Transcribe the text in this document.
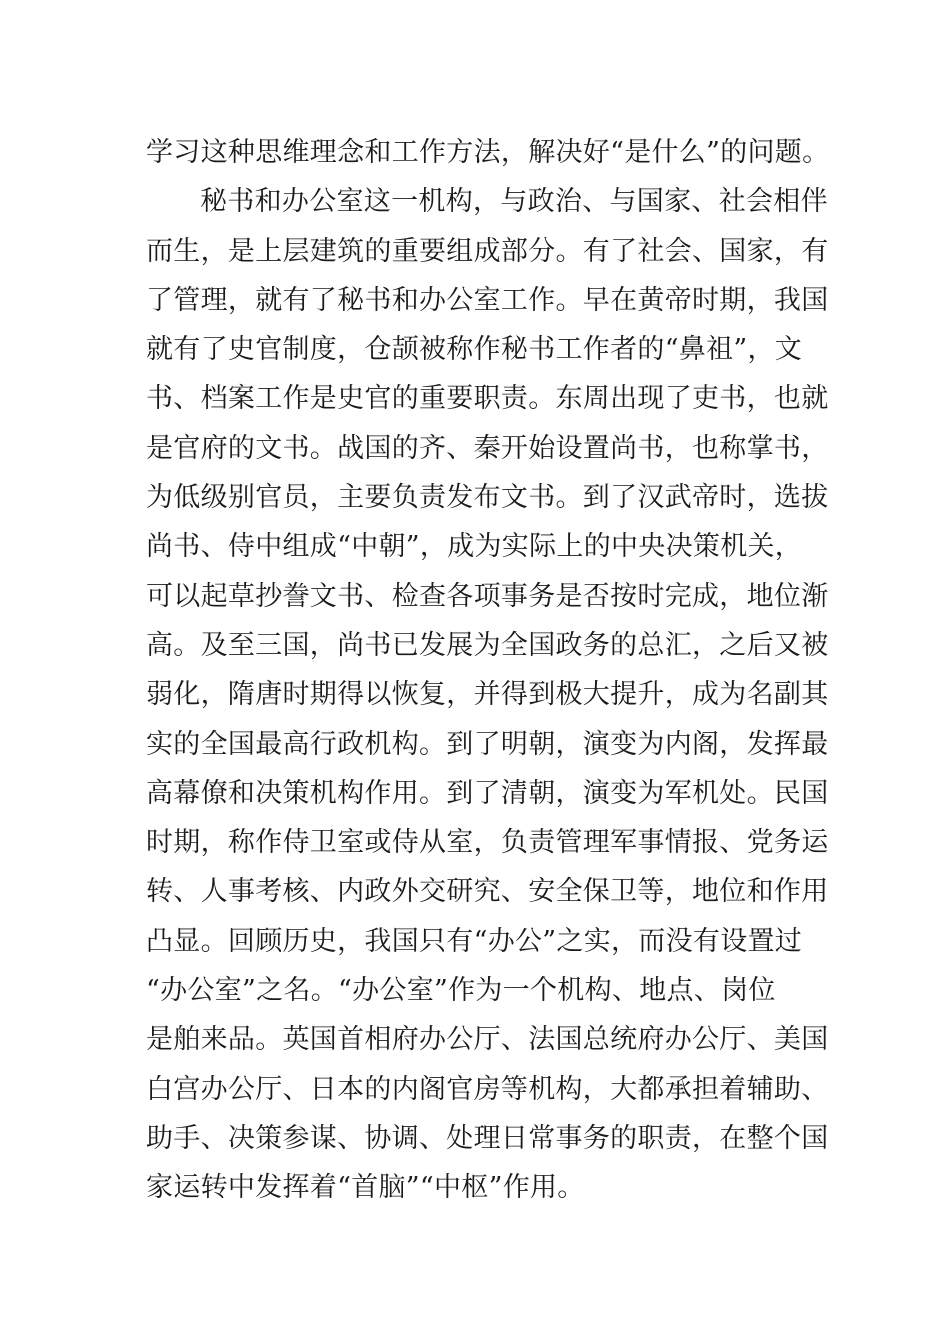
学习这种思维理念和工作方法，解决好“是什么”的问题。
秘书和办公室这一机构，与政治、与国家、社会相伴
而生，是上层建筑的重要组成部分。有了社会、国家，有
了管理，就有了秘书和办公室工作。早在黄帝时期，我国
就有了史官制度，仓颉被称作秘书工作者的“鼻祖”，文
书、档案工作是史官的重要职责。东周出现了吏书，也就
是官府的文书。战国的齐、秦开始设置尚书，也称掌书，
为低级别官员，主要负责发布文书。到了汉武帝时，选拔
尚书、侍中组成“中朝”，成为实际上的中央决策机关，
可以起草抄誊文书、检查各项事务是否按时完成，地位渐
高。及至三国，尚书已发展为全国政务的总汇，之后又被
弱化，隋唐时期得以恢复，并得到极大提升，成为名副其
实的全国最高行政机构。到了明朝，演变为内阁，发挥最
高幕僚和决策机构作用。到了清朝，演变为军机处。民国
时期，称作侍卫室或侍从室，负责管理军事情报、党务运
转、人事考核、内政外交研究、安全保卫等，地位和作用
凸显。回顾历史，我国只有“办公”之实，而没有设置过
“办公室”之名。“办公室”作为一个机构、地点、岗位
是舶来品。英国首相府办公厅、法国总统府办公厅、美国
白宫办公厅、日本的内阁官房等机构，大都承担着辅助、
助手、决策参谋、协调、处理日常事务的职责，在整个国
家运转中发挥着“首脑”“中枢”作用。
